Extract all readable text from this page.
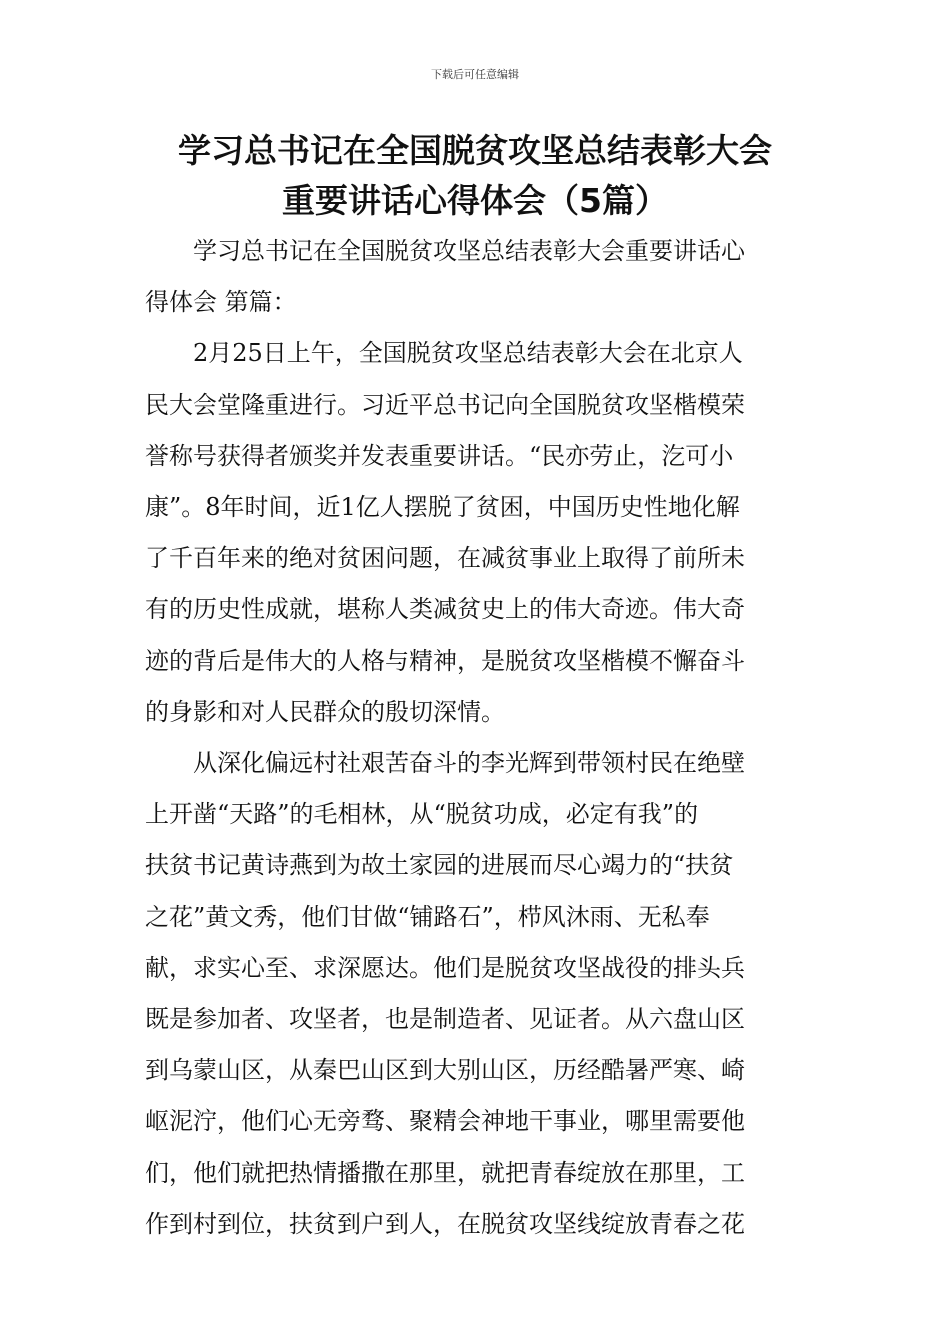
下载后可任意编辑
学习总书记在全国脱贫攻坚总结表彰大会
重要讲话心得体会（5篇）
学习总书记在全国脱贫攻坚总结表彰大会重要讲话心
得体会 第篇：
2月25日上午，全国脱贫攻坚总结表彰大会在北京人
民大会堂隆重进行。习近平总书记向全国脱贫攻坚楷模荣
誉称号获得者颁奖并发表重要讲话。“民亦劳止，汔可小
康”。8年时间，近1亿人摆脱了贫困，中国历史性地化解
了千百年来的绝对贫困问题，在减贫事业上取得了前所未
有的历史性成就，堪称人类减贫史上的伟大奇迹。伟大奇
迹的背后是伟大的人格与精神，是脱贫攻坚楷模不懈奋斗
的身影和对人民群众的殷切深情。
从深化偏远村社艰苦奋斗的李光辉到带领村民在绝壁
上开凿“天路”的毛相林，从“脱贫功成，必定有我”的
扶贫书记黄诗燕到为故土家园的进展而尽心竭力的“扶贫
之花”黄文秀，他们甘做“铺路石”，栉风沐雨、无私奉
献，求实心至、求深愿达。他们是脱贫攻坚战役的排头兵
既是参加者、攻坚者，也是制造者、见证者。从六盘山区
到乌蒙山区，从秦巴山区到大别山区，历经酷暑严寒、崎
岖泥泞，他们心无旁骛、聚精会神地干事业，哪里需要他
们，他们就把热情播撒在那里，就把青春绽放在那里，工
作到村到位，扶贫到户到人，在脱贫攻坚线绽放青春之花
